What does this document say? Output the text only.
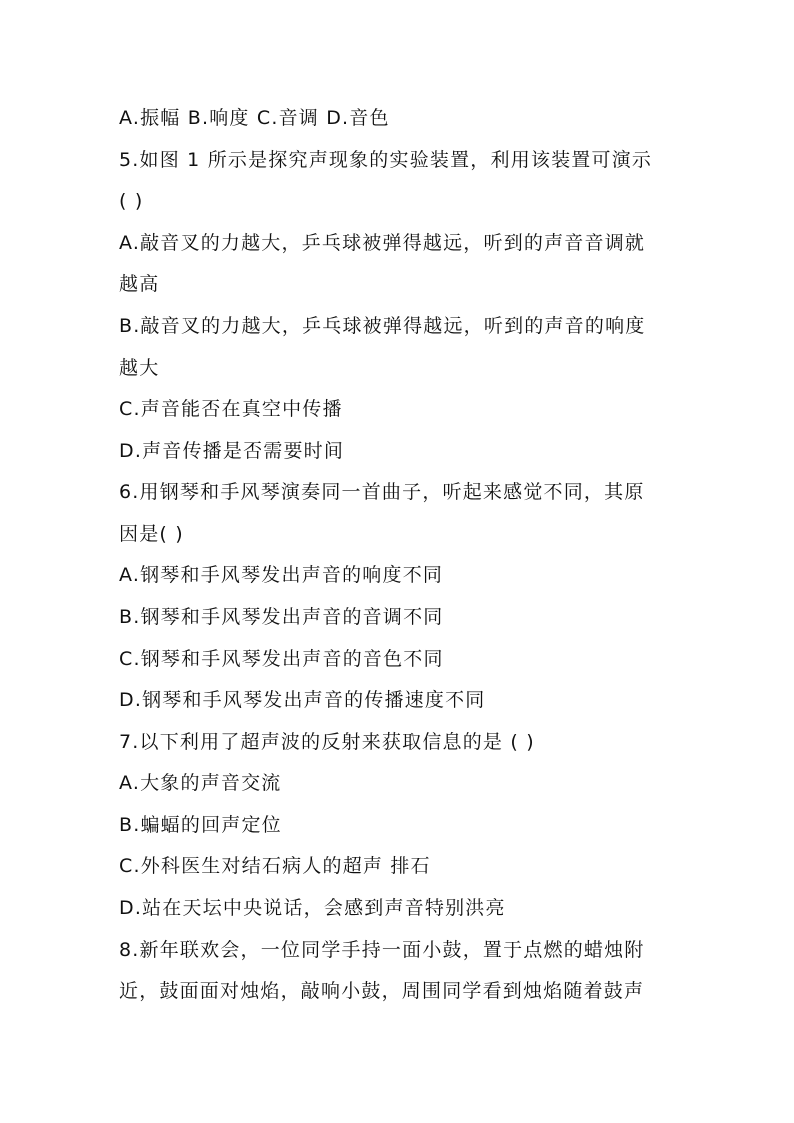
A.振幅 B.响度 C.音调 D.音色
5.如图 1 所示是探究声现象的实验装置，利用该装置可演示
( )
A.敲音叉的力越大，乒乓球被弹得越远，听到的声音音调就
越高
B.敲音叉的力越大，乒乓球被弹得越远，听到的声音的响度
越大
C.声音能否在真空中传播
D.声音传播是否需要时间
6.用钢琴和手风琴演奏同一首曲子，听起来感觉不同，其原
因是( )
A.钢琴和手风琴发出声音的响度不同
B.钢琴和手风琴发出声音的音调不同
C.钢琴和手风琴发出声音的音色不同
D.钢琴和手风琴发出声音的传播速度不同
7.以下利用了超声波的反射来获取信息的是 ( )
A.大象的声音交流
B.蝙蝠的回声定位
C.外科医生对结石病人的超声 排石
D.站在天坛中央说话，会感到声音特别洪亮
8.新年联欢会，一位同学手持一面小鼓，置于点燃的蜡烛附
近，鼓面面对烛焰，敲响小鼓，周围同学看到烛焰随着鼓声
